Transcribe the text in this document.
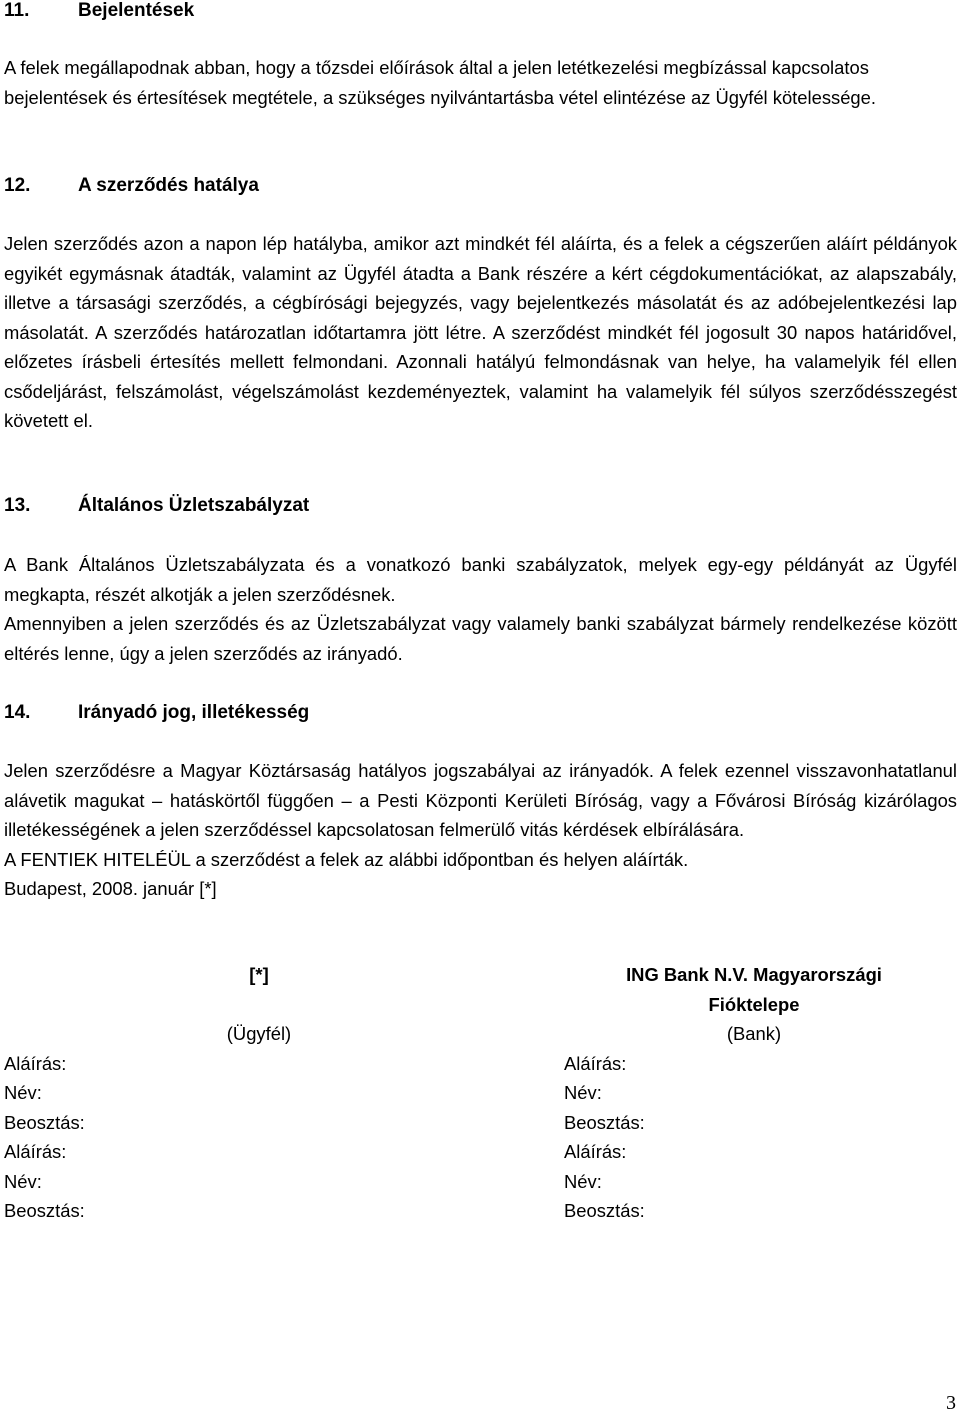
11.	Bejelentések

A felek megállapodnak abban, hogy a tőzsdei előírások által a jelen letétkezelési megbízással kapcsolatos bejelentések és értesítések megtétele, a szükséges nyilvántartásba vétel elintézése az Ügyfél kötelessége.

12.	A szerződés hatálya

Jelen szerződés azon a napon lép hatályba, amikor azt mindkét fél aláírta, és a felek a cégszerűen aláírt példányok egyikét egymásnak átadták, valamint az Ügyfél átadta a Bank részére a kért cégdokumentációkat, az alapszabály, illetve a társasági szerződés, a cégbírósági bejegyzés, vagy bejelentkezés másolatát és az adóbejelentkezési lap másolatát. A szerződés határozatlan időtartamra jött létre. A szerződést mindkét fél jogosult 30 napos határidővel, előzetes írásbeli értesítés mellett felmondani. Azonnali hatályú felmondásnak van helye, ha valamelyik fél ellen csődeljárást, felszámolást, végelszámolást kezdeményeztek, valamint ha valamelyik fél súlyos szerződésszegést követett el.

13.	Általános Üzletszabályzat

A Bank Általános Üzletszabályzata és a vonatkozó banki szabályzatok, melyek egy-egy példányát az Ügyfél megkapta, részét alkotják a jelen szerződésnek.

Amennyiben a jelen szerződés és az Üzletszabályzat vagy valamely banki szabályzat bármely rendelkezése között eltérés lenne, úgy a jelen szerződés az irányadó.

14.	Irányadó jog, illetékesség

Jelen szerződésre a Magyar Köztársaság hatályos jogszabályai az irányadók. A felek ezennel visszavonhatatlanul alávetik magukat – hatáskörtől függően – a Pesti Központi Kerületi Bíróság, vagy a Fővárosi Bíróság kizárólagos illetékességének a jelen szerződéssel kapcsolatosan felmerülő vitás kérdések elbírálására.

A FENTIEK HITELÉÜL a szerződést a felek az alábbi időpontban és helyen aláírták.

Budapest, 2008. január [*]

[*]
(Ügyfél)
Aláírás:
Név:
Beosztás:
Aláírás:
Név:
Beosztás:
ING Bank N.V. Magyarországi
Fióktelepe
(Bank)
Aláírás:
Név:
Beosztás:
Aláírás:
Név:
Beosztás:
3
